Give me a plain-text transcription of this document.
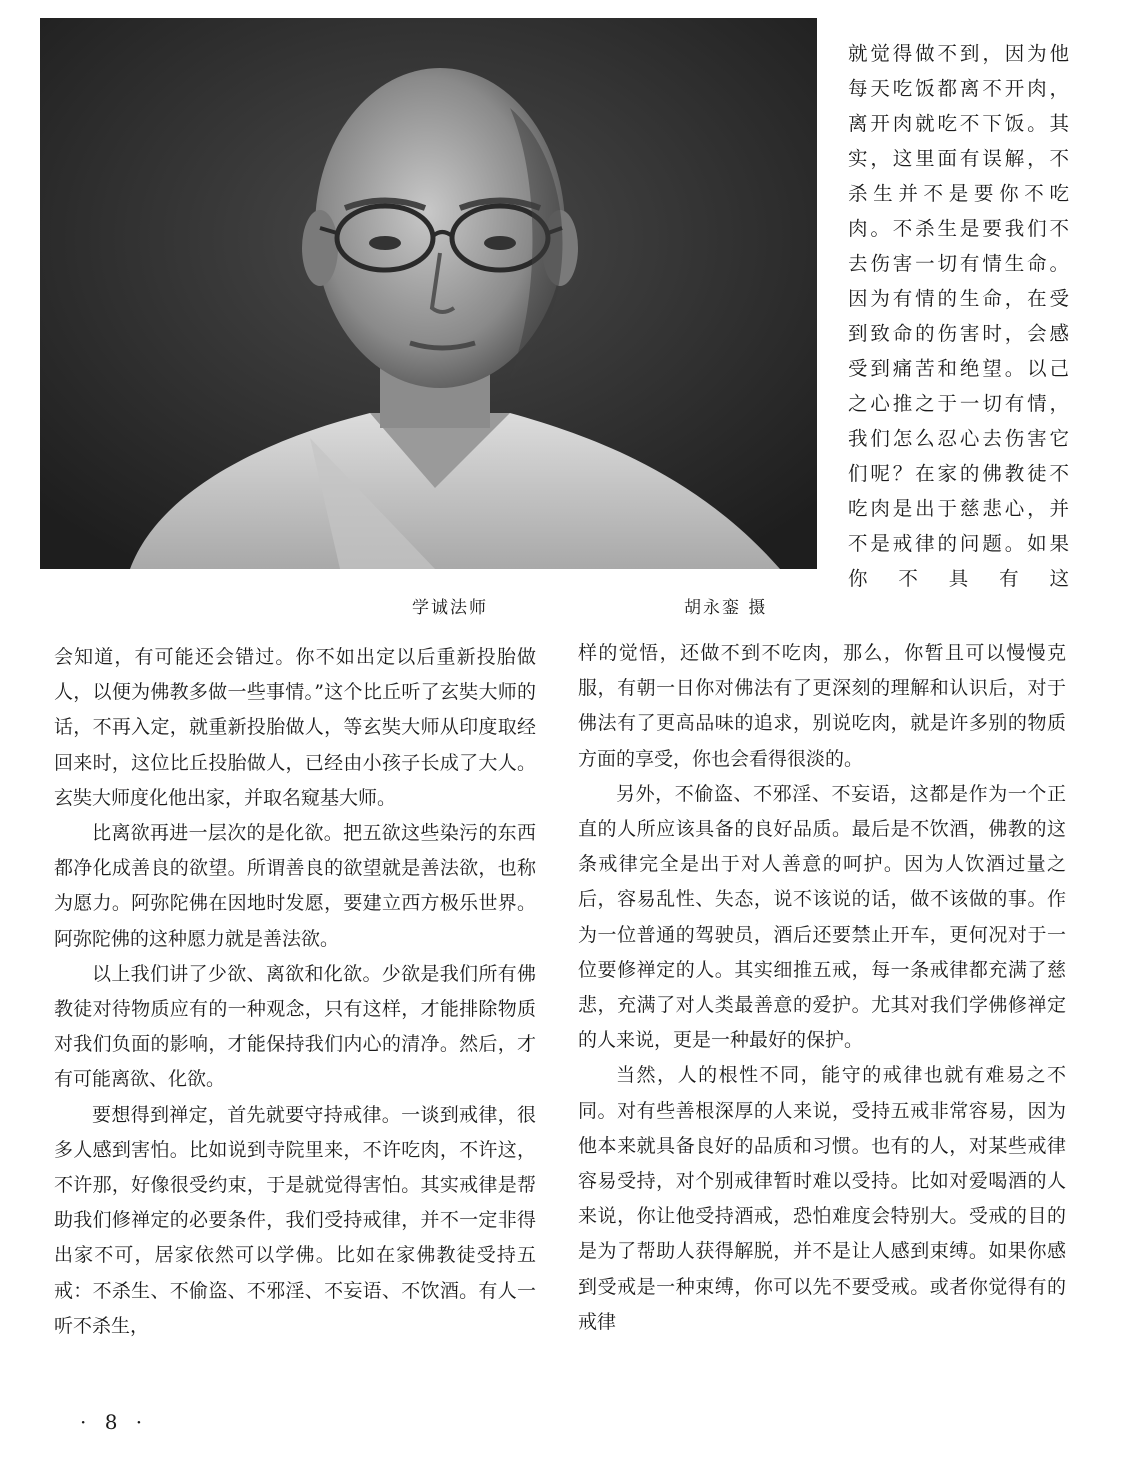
学诚法师	胡永銮 摄

就觉得做不到，因为他每天吃饭都离不开肉，离开肉就吃不下饭。其实，这里面有误解，不杀生并不是要你不吃肉。不杀生是要我们不去伤害一切有情生命。因为有情的生命，在受到致命的伤害时，会感受到痛苦和绝望。以己之心推之于一切有情，我们怎么忍心去伤害它们呢？在家的佛教徒不吃肉是出于慈悲心，并不是戒律的问题。如果你不具有这

会知道，有可能还会错过。你不如出定以后重新投胎做人，以便为佛教多做一些事情。”这个比丘听了玄奘大师的话，不再入定，就重新投胎做人，等玄奘大师从印度取经回来时，这位比丘投胎做人，已经由小孩子长成了大人。玄奘大师度化他出家，并取名窥基大师。

比离欲再进一层次的是化欲。把五欲这些染污的东西都净化成善良的欲望。所谓善良的欲望就是善法欲，也称为愿力。阿弥陀佛在因地时发愿，要建立西方极乐世界。阿弥陀佛的这种愿力就是善法欲。

以上我们讲了少欲、离欲和化欲。少欲是我们所有佛教徒对待物质应有的一种观念，只有这样，才能排除物质对我们负面的影响，才能保持我们内心的清净。然后，才有可能离欲、化欲。

要想得到禅定，首先就要守持戒律。一谈到戒律，很多人感到害怕。比如说到寺院里来，不许吃肉，不许这，不许那，好像很受约束，于是就觉得害怕。其实戒律是帮助我们修禅定的必要条件，我们受持戒律，并不一定非得出家不可，居家依然可以学佛。比如在家佛教徒受持五戒：不杀生、不偷盗、不邪淫、不妄语、不饮酒。有人一听不杀生，

样的觉悟，还做不到不吃肉，那么，你暂且可以慢慢克服，有朝一日你对佛法有了更深刻的理解和认识后，对于佛法有了更高品味的追求，别说吃肉，就是许多别的物质方面的享受，你也会看得很淡的。

另外，不偷盗、不邪淫、不妄语，这都是作为一个正直的人所应该具备的良好品质。最后是不饮酒，佛教的这条戒律完全是出于对人善意的呵护。因为人饮酒过量之后，容易乱性、失态，说不该说的话，做不该做的事。作为一位普通的驾驶员，酒后还要禁止开车，更何况对于一位要修禅定的人。其实细推五戒，每一条戒律都充满了慈悲，充满了对人类最善意的爱护。尤其对我们学佛修禅定的人来说，更是一种最好的保护。

当然，人的根性不同，能守的戒律也就有难易之不同。对有些善根深厚的人来说，受持五戒非常容易，因为他本来就具备良好的品质和习惯。也有的人，对某些戒律容易受持，对个别戒律暂时难以受持。比如对爱喝酒的人来说，你让他受持酒戒，恐怕难度会特别大。受戒的目的是为了帮助人获得解脱，并不是让人感到束缚。如果你感到受戒是一种束缚，你可以先不要受戒。或者你觉得有的戒律

· 8 ·
